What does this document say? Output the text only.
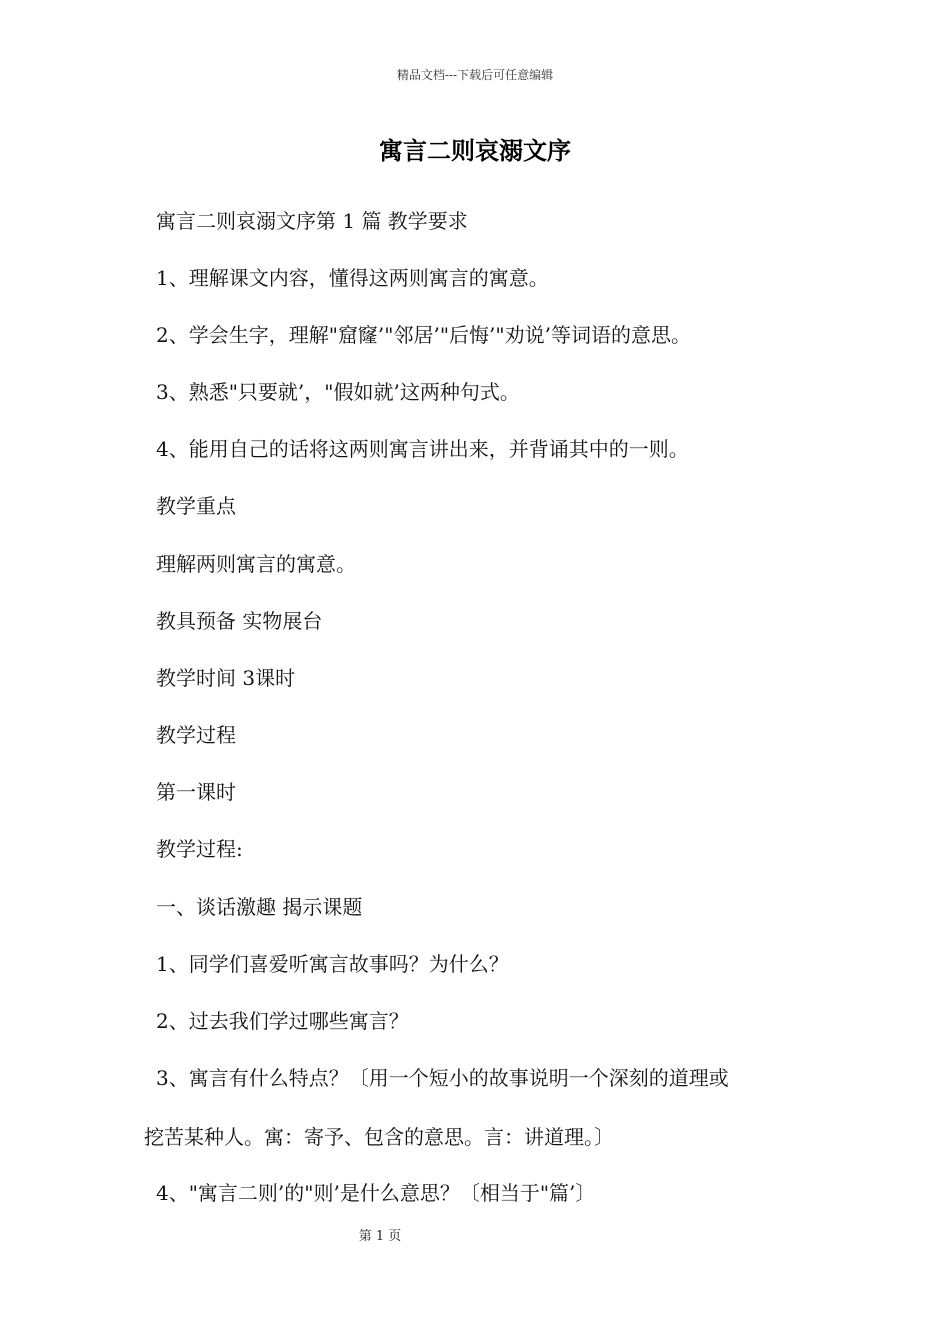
精品文档---下载后可任意编辑
寓言二则哀溺文序
寓言二则哀溺文序第 1 篇 教学要求
1、理解课文内容，懂得这两则寓言的寓意。
2、学会生字，理解"窟窿’"邻居’"后悔’"劝说’等词语的意思。
3、熟悉"只要就’，"假如就’这两种句式。
4、能用自己的话将这两则寓言讲出来，并背诵其中的一则。
教学重点
理解两则寓言的寓意。
教具预备 实物展台
教学时间 3课时
教学过程
第一课时
教学过程:
一、谈话激趣 揭示课题
1、同学们喜爱听寓言故事吗？为什么？
2、过去我们学过哪些寓言？
3、寓言有什么特点？〔用一个短小的故事说明一个深刻的道理或
挖苦某种人。寓：寄予、包含的意思。言：讲道理。〕
4、"寓言二则’的"则’是什么意思？〔相当于"篇’〕
第 1 页
